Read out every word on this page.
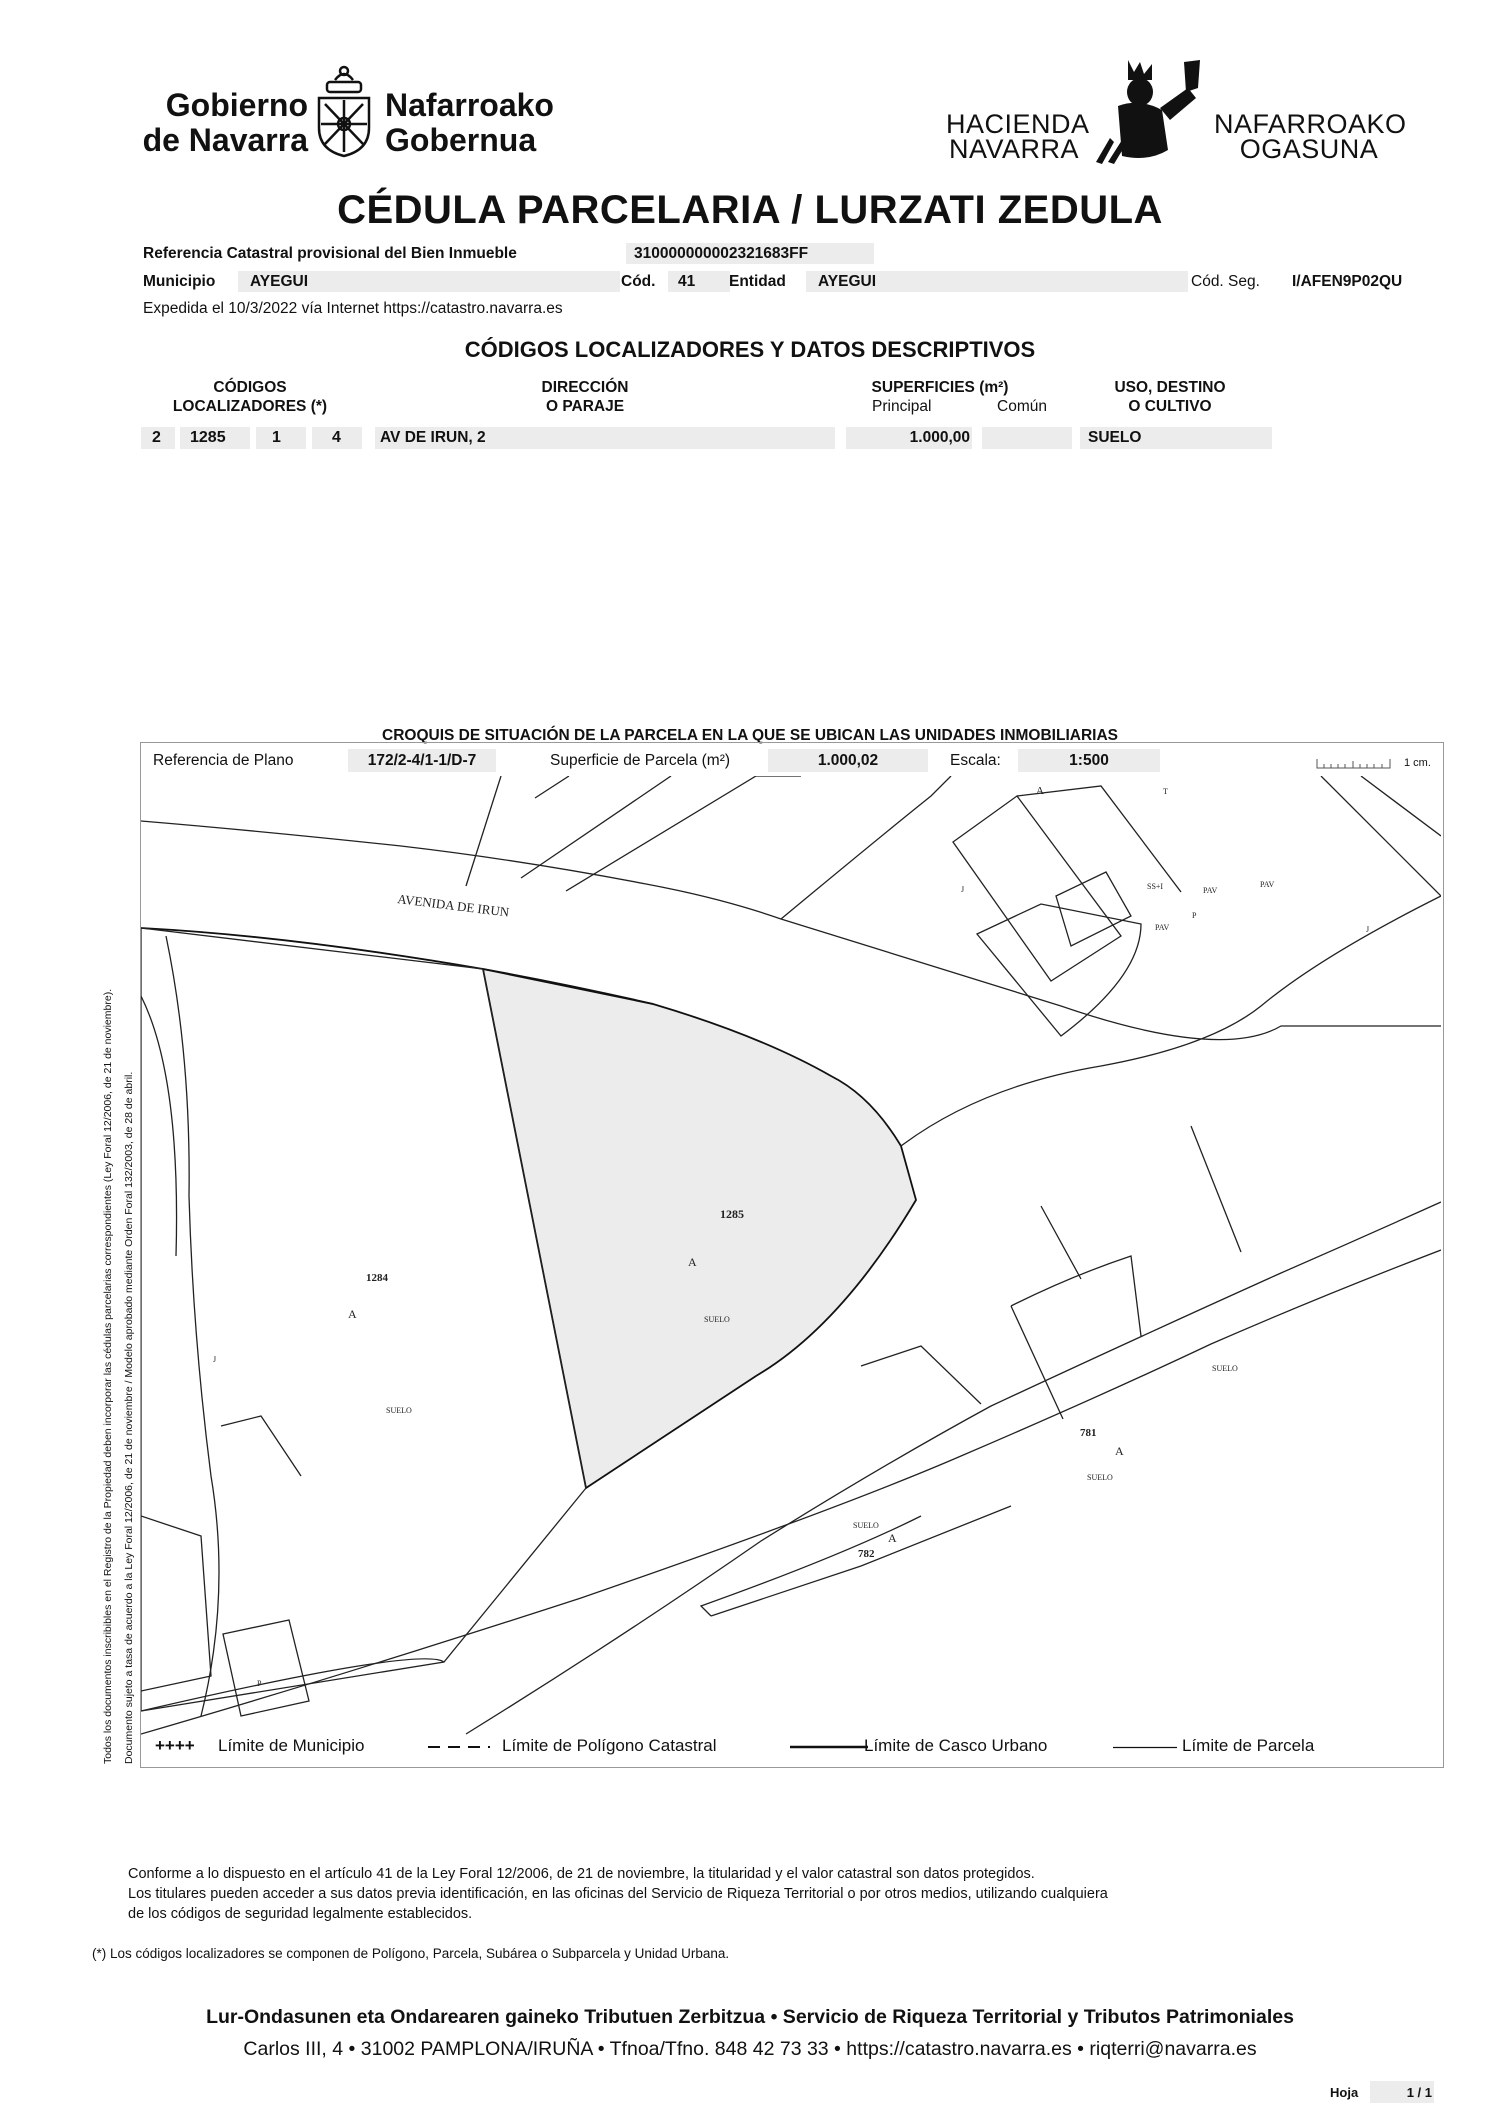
Gobierno
de Navarra
Nafarroako
Gobernua	HACIENDA
NAVARRA
NAFARROAKO
OGASUNA
CÉDULA PARCELARIA / LURZATI ZEDULA
Referencia Catastral provisional del Bien Inmueble	310000000002321683FF
Municipio	AYEGUI	Cód.	41	Entidad	AYEGUI	Cód. Seg. I/AFEN9P02QU
Expedida el 10/3/2022 vía Internet https://catastro.navarra.es
CÓDIGOS LOCALIZADORES Y DATOS DESCRIPTIVOS
CÓDIGOS
LOCALIZADORES (*)
DIRECCIÓN
O PARAJE
SUPERFICIES (m²)
Principal	Común
USO, DESTINO
O CULTIVO
2 1285	1	4	AV DE IRUN, 2	1.000,00	SUELO
CROQUIS DE SITUACIÓN DE LA PARCELA EN LA QUE SE UBICAN LAS UNIDADES INMOBILIARIAS
Referencia de Plano	172/2-4/1-1/D-7	Superficie de Parcela (m²)	1.000,02	Escala:	1:500	1 cm.
AVENIDA DE IRUN
1285
A
SUELO
1284
A
SUELO
781
A
SUELO
SUELO
SUELO
A
782
A	T
PAV
SS+I	PAV
PAV
P
P
J
J
J
++++ Límite de Municipio	Límite de Polígono Catastral	Límite de Casco Urbano	Límite de Parcela
Todos los documentos inscribibles en el Registro de la Propiedad deben incorporar las cédulas parcelarias correspondientes (Ley Foral 12/2006, de 21 de noviembre). Documento sujeto a tasa de acuerdo a la Ley Foral 12/2006, de 21 de noviembre / Modelo aprobado mediante Orden Foral 132/2003, de 28 de abril.
Conforme a lo dispuesto en el artículo 41 de la Ley Foral 12/2006, de 21 de noviembre, la titularidad y el valor catastral son datos protegidos.
Los titulares pueden acceder a sus datos previa identificación, en las oficinas del Servicio de Riqueza Territorial o por otros medios, utilizando cualquiera
de los códigos de seguridad legalmente establecidos.
(*) Los códigos localizadores se componen de Polígono, Parcela, Subárea o Subparcela y Unidad Urbana.
Lur-Ondasunen eta Ondarearen gaineko Tributuen Zerbitzua • Servicio de Riqueza Territorial y Tributos Patrimoniales
Carlos III, 4 • 31002 PAMPLONA/IRUÑA • Tfnoa/Tfno. 848 42 73 33 • https://catastro.navarra.es • riqterri@navarra.es
Hoja	1 / 1
